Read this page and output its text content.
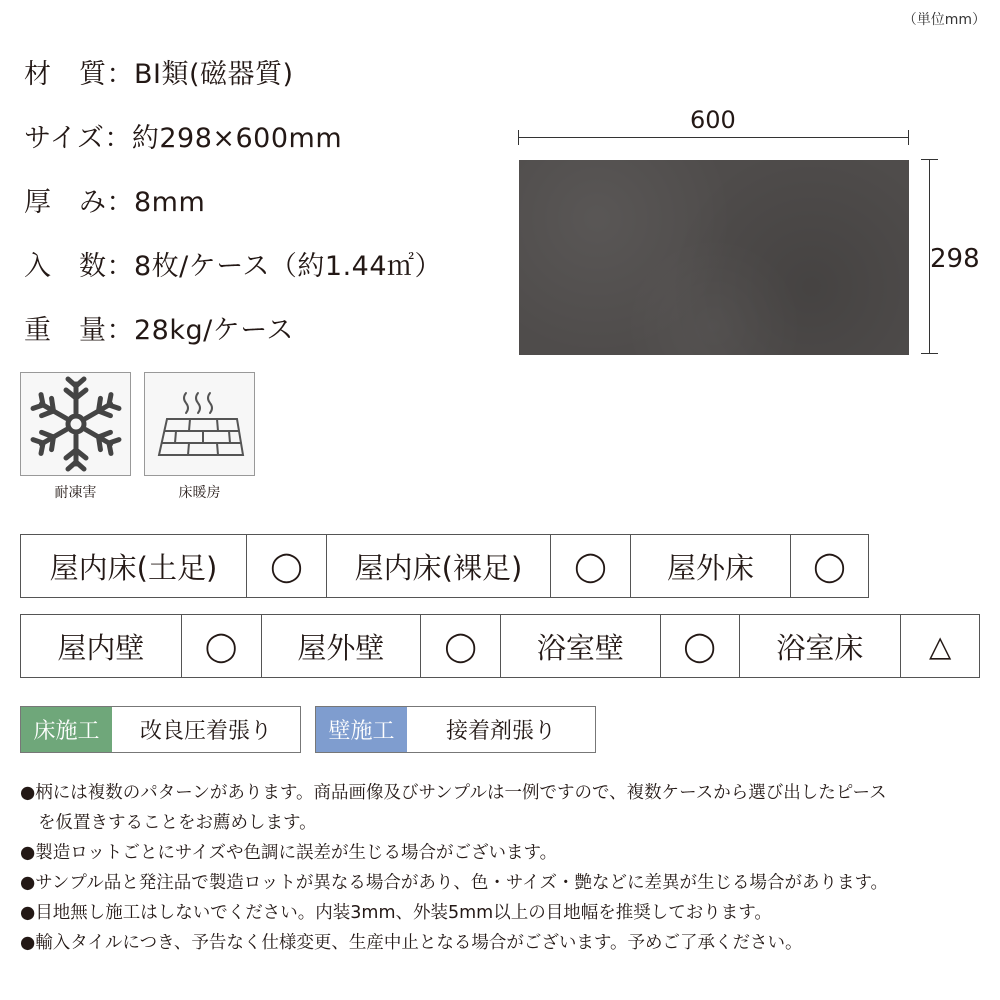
（単位mm）
材　質：BI類(磁器質)
サイズ：約298×600mm
厚　み：8mm
入　数：8枚/ケース（約1.44㎡）
重　量：28kg/ケース
600
298
耐凍害	床暖房
屋内床(土足)	◯	屋内床(裸足)	◯	屋外床	◯
屋内壁	◯	屋外壁	◯	浴室壁	◯	浴室床	△
床施工	改良圧着張り	壁施工	接着剤張り
●柄には複数のパターンがあります。商品画像及びサンプルは一例ですので、複数ケースから選び出したピース
を仮置きすることをお薦めします。
●製造ロットごとにサイズや色調に誤差が生じる場合がございます。
●サンプル品と発注品で製造ロットが異なる場合があり、色・サイズ・艶などに差異が生じる場合があります。
●目地無し施工はしないでください。内装3mm、外装5mm以上の目地幅を推奨しております。
●輸入タイルにつき、予告なく仕様変更、生産中止となる場合がございます。予めご了承ください。
